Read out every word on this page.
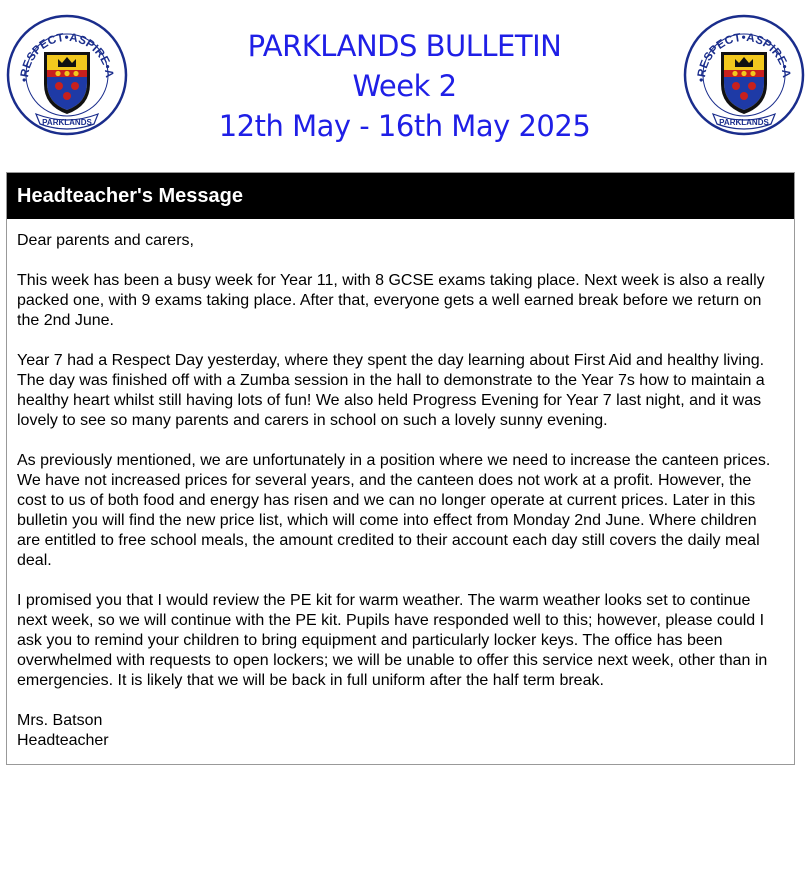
PARKLANDS BULLETIN
Week 2
12th May - 16th May 2025
Headteacher's Message

Dear parents and carers,

This week has been a busy week for Year 11, with 8 GCSE exams taking place. Next week is also a really packed one, with 9 exams taking place. After that, everyone gets a well earned break before we return on the 2nd June.

Year 7 had a Respect Day yesterday, where they spent the day learning about First Aid and healthy living. The day was finished off with a Zumba session in the hall to demonstrate to the Year 7s how to maintain a healthy heart whilst still having lots of fun! We also held Progress Evening for Year 7 last night, and it was lovely to see so many parents and carers in school on such a lovely sunny evening.

As previously mentioned, we are unfortunately in a position where we need to increase the canteen prices. We have not increased prices for several years, and the canteen does not work at a profit. However, the cost to us of both food and energy has risen and we can no longer operate at current prices. Later in this bulletin you will find the new price list, which will come into effect from Monday 2nd June. Where children are entitled to free school meals, the amount credited to their account each day still covers the daily meal deal.

I promised you that I would review the PE kit for warm weather. The warm weather looks set to continue next week, so we will continue with the PE kit. Pupils have responded well to this; however, please could I ask you to remind your children to bring equipment and particularly locker keys. The office has been overwhelmed with requests to open lockers; we will be unable to offer this service next week, other than in emergencies. It is likely that we will be back in full uniform after the half term break.

Mrs. Batson

Headteacher
